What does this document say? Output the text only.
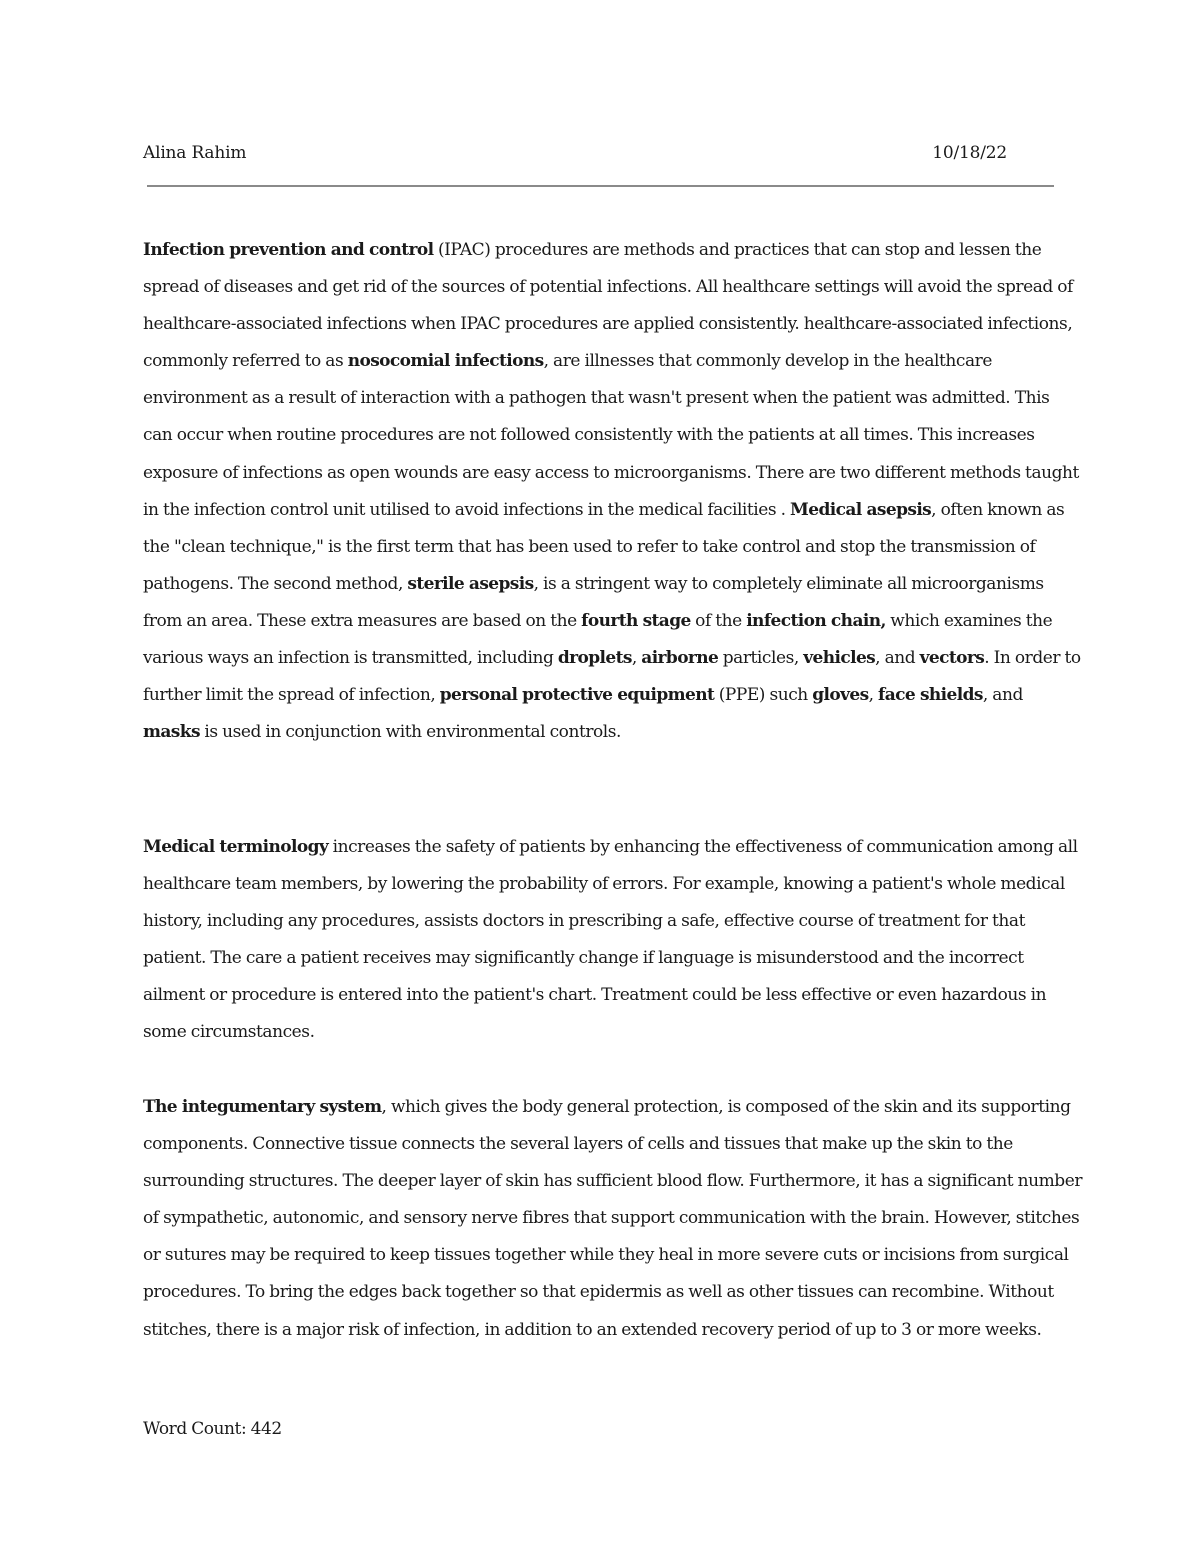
Alina Rahim	10/18/22

Infection prevention and control (IPAC) procedures are methods and practices that can stop and lessen the spread of diseases and get rid of the sources of potential infections. All healthcare settings will avoid the spread of healthcare-associated infections when IPAC procedures are applied consistently. healthcare-associated infections, commonly referred to as nosocomial infections, are illnesses that commonly develop in the healthcare environment as a result of interaction with a pathogen that wasn't present when the patient was admitted. This can occur when routine procedures are not followed consistently with the patients at all times. This increases exposure of infections as open wounds are easy access to microorganisms. There are two different methods taught in the infection control unit utilised to avoid infections in the medical facilities . Medical asepsis, often known as the "clean technique," is the first term that has been used to refer to take control and stop the transmission of pathogens. The second method, sterile asepsis, is a stringent way to completely eliminate all microorganisms from an area. These extra measures are based on the fourth stage of the infection chain, which examines the various ways an infection is transmitted, including droplets, airborne particles, vehicles, and vectors. In order to further limit the spread of infection, personal protective equipment (PPE) such gloves, face shields, and masks is used in conjunction with environmental controls.

Medical terminology increases the safety of patients by enhancing the effectiveness of communication among all healthcare team members, by lowering the probability of errors. For example, knowing a patient's whole medical history, including any procedures, assists doctors in prescribing a safe, effective course of treatment for that patient. The care a patient receives may significantly change if language is misunderstood and the incorrect ailment or procedure is entered into the patient's chart. Treatment could be less effective or even hazardous in some circumstances.

The integumentary system, which gives the body general protection, is composed of the skin and its supporting components. Connective tissue connects the several layers of cells and tissues that make up the skin to the surrounding structures. The deeper layer of skin has sufficient blood flow. Furthermore, it has a significant number of sympathetic, autonomic, and sensory nerve fibres that support communication with the brain. However, stitches or sutures may be required to keep tissues together while they heal in more severe cuts or incisions from surgical procedures. To bring the edges back together so that epidermis as well as other tissues can recombine. Without stitches, there is a major risk of infection, in addition to an extended recovery period of up to 3 or more weeks.

Word Count: 442
